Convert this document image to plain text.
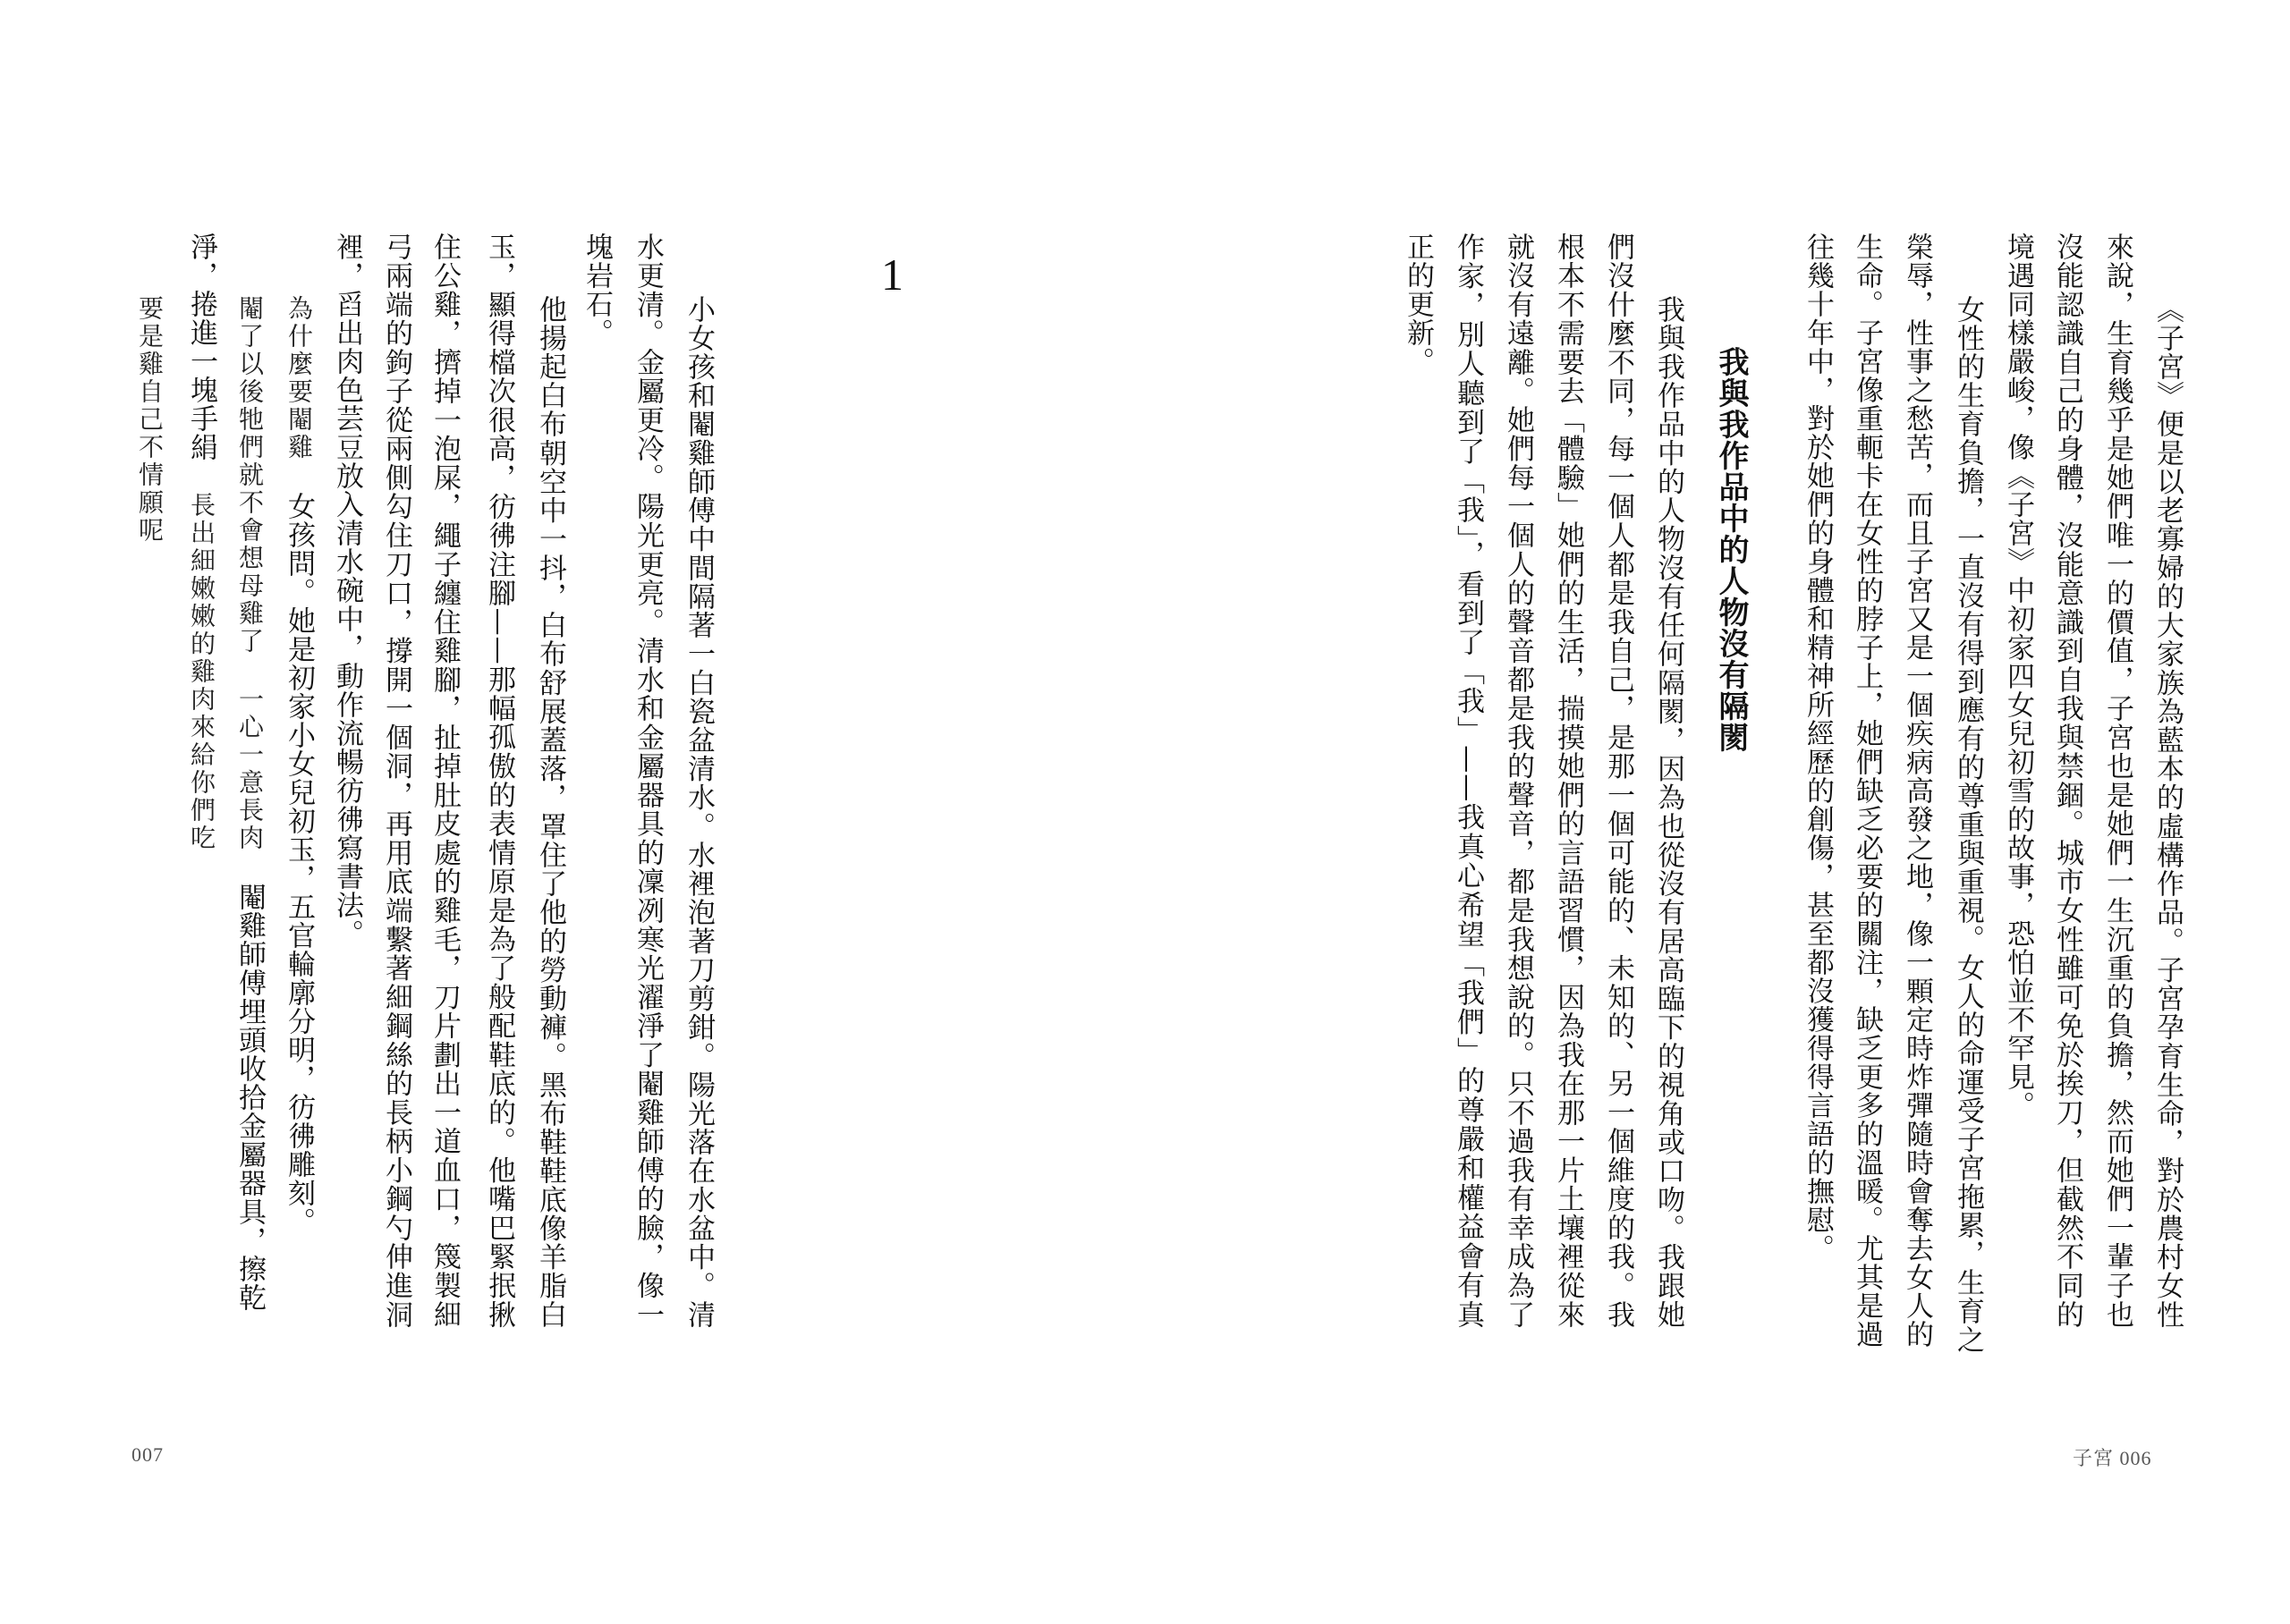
《子宮》便是以老寡婦的大家族為藍本的虛構作品。子宮孕育生命，對於農村女性
來說，生育幾乎是她們唯一的價值，子宮也是她們一生沉重的負擔，然而她們一輩子也
沒能認識自己的身體，沒能意識到自我與禁錮。城市女性雖可免於挨刀，但截然不同的
境遇同樣嚴峻，像《子宮》中初家四女兒初雪的故事，恐怕並不罕見。
女性的生育負擔，一直沒有得到應有的尊重與重視。女人的命運受子宮拖累，生育之
榮辱，性事之愁苦，而且子宮又是一個疾病高發之地，像一顆定時炸彈隨時會奪去女人的
生命。子宮像重軛卡在女性的脖子上，她們缺乏必要的關注，缺乏更多的溫暖。尤其是過
往幾十年中，對於她們的身體和精神所經歷的創傷，甚至都沒獲得得言語的撫慰。
我與我作品中的人物沒有隔閡
我與我作品中的人物沒有任何隔閡，因為也從沒有居高臨下的視角或口吻。我跟她
們沒什麼不同，每一個人都是我自己，是那一個可能的、未知的、另一個維度的我。我
根本不需要去「體驗」她們的生活，揣摸她們的言語習慣，因為我在那一片土壤裡從來
就沒有遠離。她們每一個人的聲音都是我的聲音，都是我想說的。只不過我有幸成為了
作家，別人聽到了「我」，看到了「我」——我真心希望「我們」的尊嚴和權益會有真
正的更新。
子宮 006
1
小女孩和閹雞師傅中間隔著一白瓷盆清水。水裡泡著刀剪鉗。陽光落在水盆中。清
水更清。金屬更冷。陽光更亮。清水和金屬器具的凜冽寒光濯淨了閹雞師傅的臉，像一
塊岩石。
他揚起白布朝空中一抖，白布舒展蓋落，罩住了他的勞動褲。黑布鞋鞋底像羊脂白
玉，顯得檔次很高，彷彿注腳——那幅孤傲的表情原是為了般配鞋底的。他嘴巴緊抿揪
住公雞，擠掉一泡屎，繩子纏住雞腳，扯掉肚皮處的雞毛，刀片劃出一道血口，篾製細
弓兩端的鉤子從兩側勾住刀口，撐開一個洞，再用底端繫著細鋼絲的長柄小鋼勺伸進洞
裡，舀出肉色芸豆放入清水碗中，動作流暢彷彿寫書法。
為什麼要閹雞女孩問。她是初家小女兒初玉，五官輪廓分明，彷彿雕刻。
閹了以後牠們就不會想母雞了一心一意長肉閹雞師傅埋頭收拾金屬器具，擦乾
淨，捲進一塊手絹長出細嫩嫩的雞肉來給你們吃
要是雞自己不情願呢
007
